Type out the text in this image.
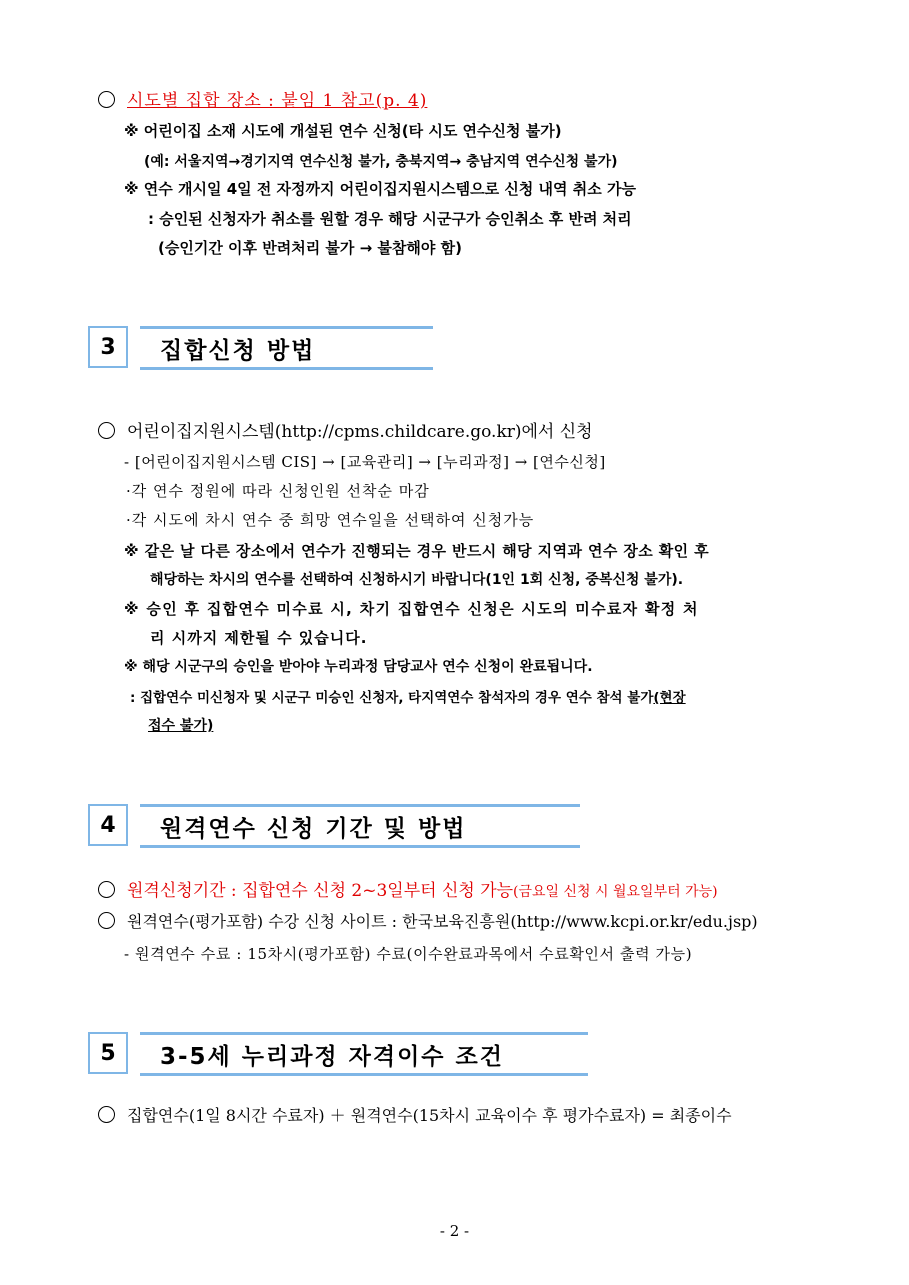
시도별 집합 장소 : 붙임 1 참고(p. 4)
※ 어린이집 소재 시도에 개설된 연수 신청(타 시도 연수신청 불가)
(예: 서울지역→경기지역 연수신청 불가, 충북지역→ 충남지역 연수신청 불가)
※ 연수 개시일 4일 전 자정까지 어린이집지원시스템으로 신청 내역 취소 가능
: 승인된 신청자가 취소를 원할 경우 해당 시군구가 승인취소 후 반려 처리
(승인기간 이후 반려처리 불가 → 불참해야 함)
3	집합신청 방법
어린이집지원시스템(http://cpms.childcare.go.kr)에서 신청
- [어린이집지원시스템 CIS] → [교육관리] → [누리과정] → [연수신청]
·각 연수 정원에 따라 신청인원 선착순 마감
·각 시도에 차시 연수 중 희망 연수일을 선택하여 신청가능
※ 같은 날 다른 장소에서 연수가 진행되는 경우 반드시 해당 지역과 연수 장소 확인 후
해당하는 차시의 연수를 선택하여 신청하시기 바랍니다(1인 1회 신청, 중복신청 불가).
※ 승인 후 집합연수 미수료 시, 차기 집합연수 신청은 시도의 미수료자 확정 처
리 시까지 제한될 수 있습니다.
※ 해당 시군구의 승인을 받아야 누리과정 담당교사 연수 신청이 완료됩니다.
: 집합연수 미신청자 및 시군구 미승인 신청자, 타지역연수 참석자의 경우 연수 참석 불가(현장
접수 불가)
4	원격연수 신청 기간 및 방법
원격신청기간 : 집합연수 신청 2~3일부터 신청 가능(금요일 신청 시 월요일부터 가능)
원격연수(평가포함) 수강 신청 사이트 : 한국보육진흥원(http://www.kcpi.or.kr/edu.jsp)
- 원격연수 수료 : 15차시(평가포함) 수료(이수완료과목에서 수료확인서 출력 가능)
5	3-5세 누리과정 자격이수 조건
집합연수(1일 8시간 수료자) ＋ 원격연수(15차시 교육이수 후 평가수료자) = 최종이수
- 2 -
